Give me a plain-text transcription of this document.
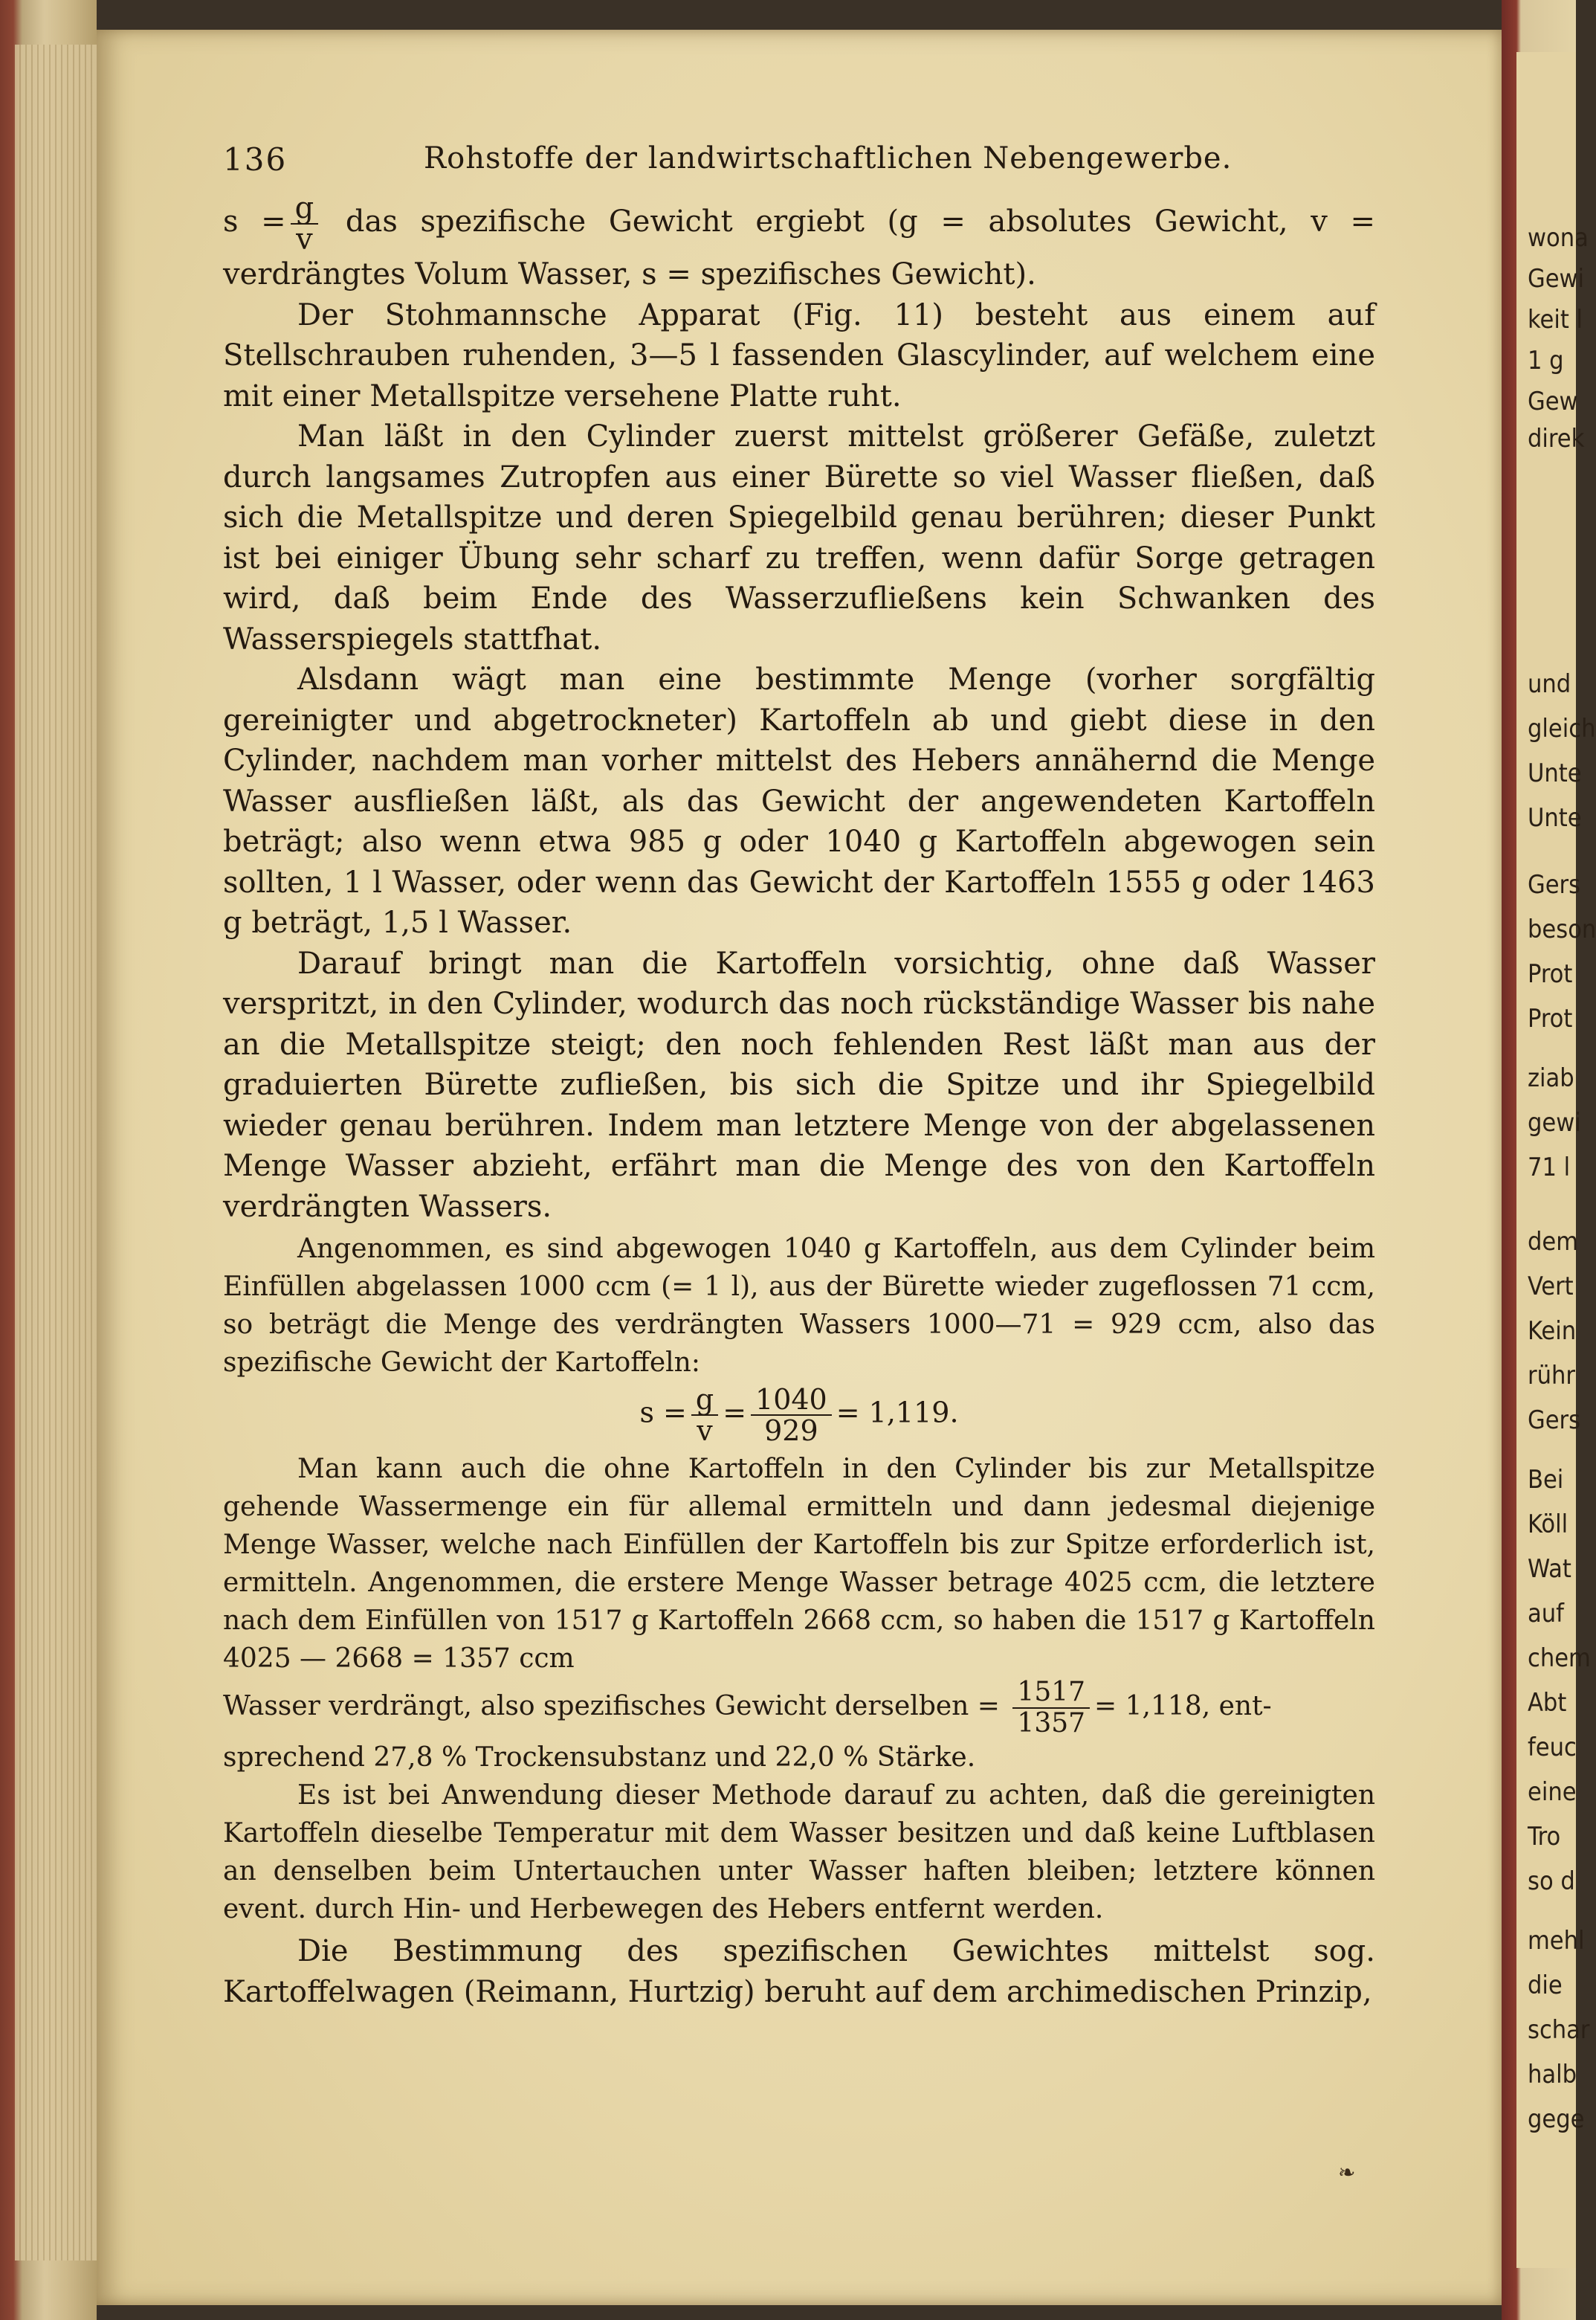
wona
Gewi
keit l
1 g
Gew
direk
und
gleich
Unte
Unte
Gers
beson
Prot
Prot
ziab
gewi
71 l
dem
Vert
Kein
rühr
Gers
Bei
Köll
Wat
auf
chem
Abt
feuc
eine
Tro
so d
mehl
die
schar
halb
gege
136	Rohstoffe der landwirtschaftlichen Nebengewerbe.

$s = \frac{g}{v}$ das spezifische Gewicht ergiebt (g = absolutes Gewicht, v = verdrängtes Volum Wasser, s = spezifisches Gewicht).

Der Stohmannsche Apparat (Fig. 11) besteht aus einem auf Stellschrauben ruhenden, 3—5 l fassenden Glascylinder, auf welchem eine mit einer Metallspitze versehene Platte ruht.

Man läßt in den Cylinder zuerst mittelst größerer Gefäße, zuletzt durch langsames Zutropfen aus einer Bürette so viel Wasser fließen, daß sich die Metallspitze und deren Spiegelbild genau berühren; dieser Punkt ist bei einiger Übung sehr scharf zu treffen, wenn dafür Sorge getragen wird, daß beim Ende des Wasserzufließens kein Schwanken des Wasserspiegels stattfhat.

Alsdann wägt man eine bestimmte Menge (vorher sorgfältig gereinigter und abgetrockneter) Kartoffeln ab und giebt diese in den Cylinder, nachdem man vorher mittelst des Hebers annähernd die Menge Wasser ausfließen läßt, als das Gewicht der angewendeten Kartoffeln beträgt; also wenn etwa 985 g oder 1040 g Kartoffeln abgewogen sein sollten, 1 l Wasser, oder wenn das Gewicht der Kartoffeln 1555 g oder 1463 g beträgt, 1,5 l Wasser.

Darauf bringt man die Kartoffeln vorsichtig, ohne daß Wasser verspritzt, in den Cylinder, wodurch das noch rückständige Wasser bis nahe an die Metallspitze steigt; den noch fehlenden Rest läßt man aus der graduierten Bürette zufließen, bis sich die Spitze und ihr Spiegelbild wieder genau berühren. Indem man letztere Menge von der abgelassenen Menge Wasser abzieht, erfährt man die Menge des von den Kartoffeln verdrängten Wassers.

Angenommen, es sind abgewogen 1040 g Kartoffeln, aus dem Cylinder beim Einfüllen abgelassen 1000 ccm (= 1 l), aus der Bürette wieder zugeflossen 71 ccm, so beträgt die Menge des verdrängten Wassers 1000—71 = 929 ccm, also das spezifische Gewicht der Kartoffeln:

$s = \frac{g}{v} = \frac{1040}{929} = 1,119$.

Man kann auch die ohne Kartoffeln in den Cylinder bis zur Metallspitze gehende Wassermenge ein für allemal ermitteln und dann jedesmal diejenige Menge Wasser, welche nach Einfüllen der Kartoffeln bis zur Spitze erforderlich ist, ermitteln. Angenommen, die erstere Menge Wasser betrage 4025 ccm, die letztere nach dem Einfüllen von 1517 g Kartoffeln 2668 ccm, so haben die 1517 g Kartoffeln 4025 — 2668 = 1357 ccm

Wasser verdrängt, also spezifisches Gewicht derselben = $\frac{1517}{1357} = 1,118$, ent-

sprechend 27,8 % Trockensubstanz und 22,0 % Stärke.

Es ist bei Anwendung dieser Methode darauf zu achten, daß die gereinigten Kartoffeln dieselbe Temperatur mit dem Wasser besitzen und daß keine Luftblasen an denselben beim Untertauchen unter Wasser haften bleiben; letztere können event. durch Hin- und Herbewegen des Hebers entfernt werden.

Die Bestimmung des spezifischen Gewichtes mittelst sog. Kartoffelwagen (Reimann, Hurtzig) beruht auf dem archimedischen Prinzip,

❧
